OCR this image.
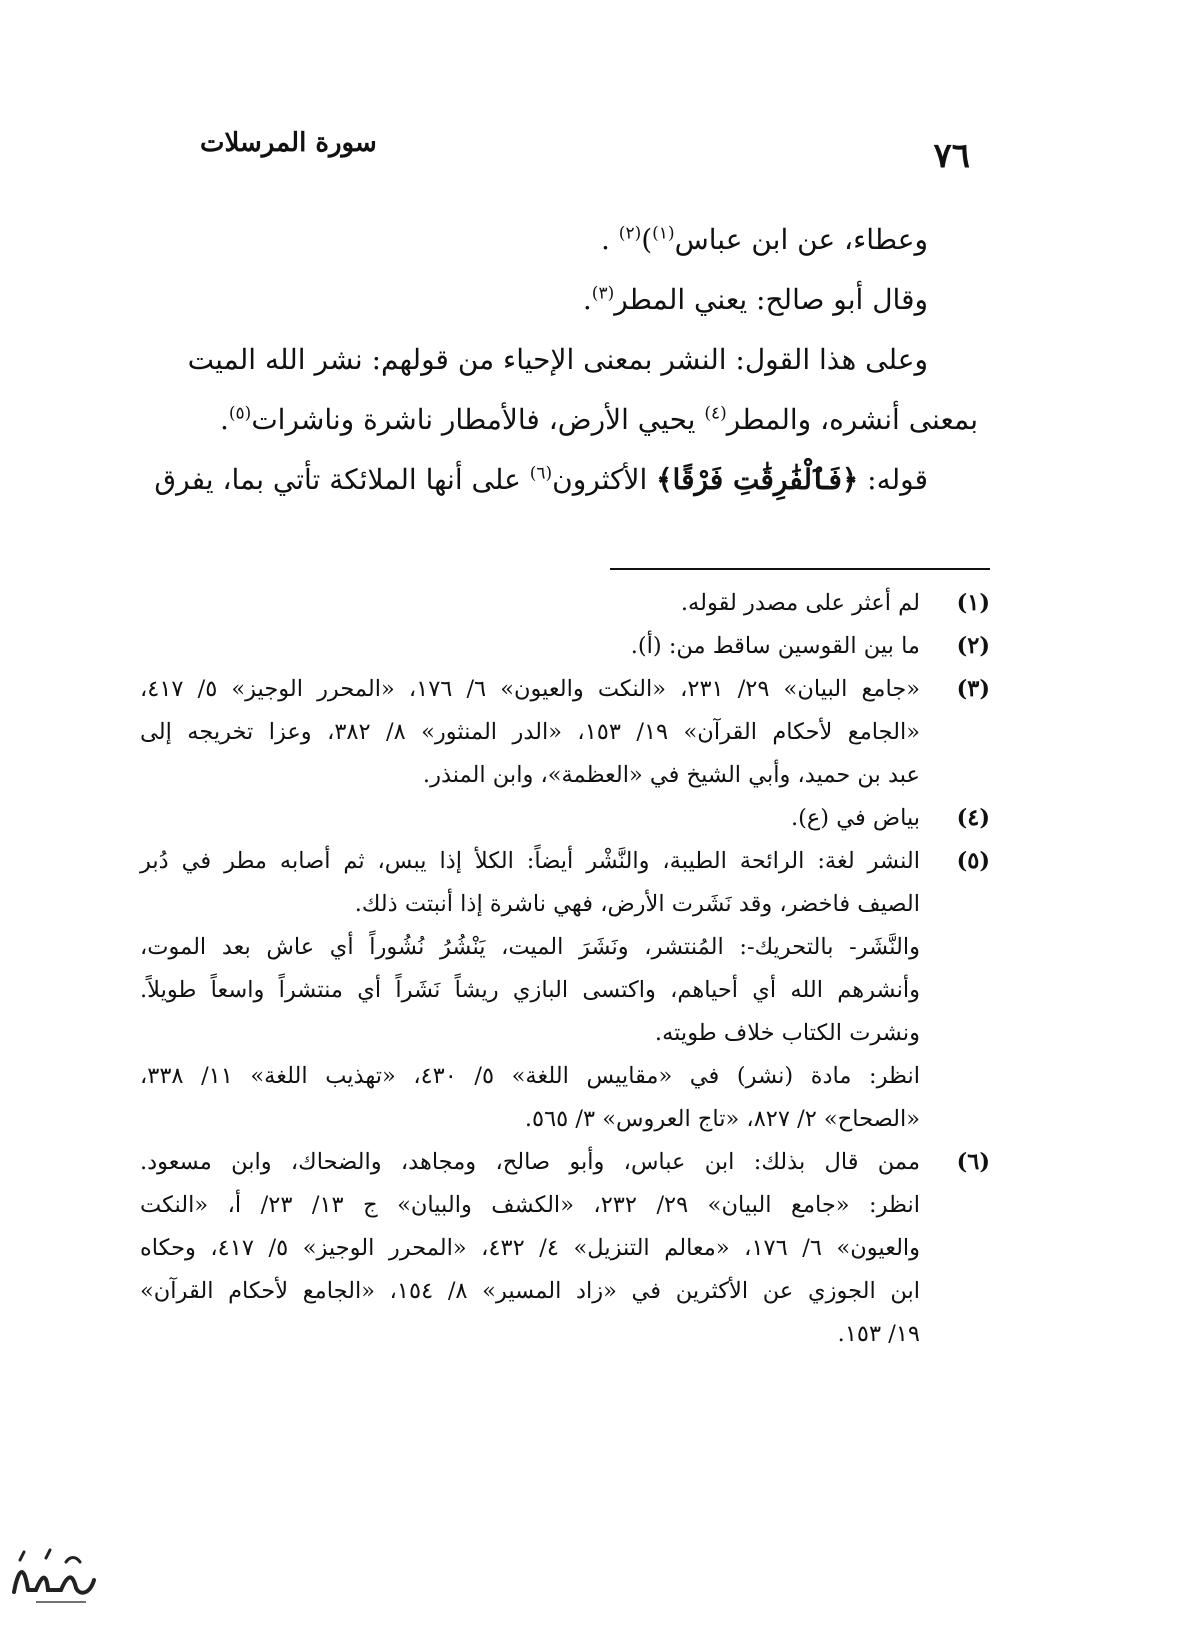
٧٦
سورة المرسلات

وعطاء، عن ابن عباس$^{(١)}$)$^{(٢)}$ .

وقال أبو صالح: يعني المطر$^{(٣)}$.

وعلى هذا القول: النشر بمعنى الإحياء من قولهم: نشر الله الميت

بمعنى أنشره، والمطر$^{(٤)}$ يحيي الأرض، فالأمطار ناشرة وناشرات$^{(٥)}$.

قوله: ﴿فَٱلْفَٰرِقَٰتِ فَرْقًا﴾ الأكثرون$^{(٦)}$ على أنها الملائكة تأتي بما، يفرق

(١)
لم أعثر على مصدر لقوله.
(٢)
ما بين القوسين ساقط من: (أ).
(٣)
«جامع البيان» ٢٩/ ٢٣١، «النكت والعيون» ٦/ ١٧٦، «المحرر الوجيز» ٥/ ٤١٧،
«الجامع لأحكام القرآن» ١٩/ ١٥٣، «الدر المنثور» ٨/ ٣٨٢، وعزا تخريجه إلى
عبد بن حميد، وأبي الشيخ في «العظمة»، وابن المنذر.
(٤)
بياض في (ع).
(٥)
النشر لغة: الرائحة الطيبة، والنَّشْر أيضاً: الكلأ إذا يبس، ثم أصابه مطر في دُبر
الصيف فاخضر، وقد نَشَرت الأرض، فهي ناشرة إذا أنبتت ذلك.
والنَّشَر- بالتحريك-: المُنتشر، ونَشَرَ الميت، يَنْشُرُ نُشُوراً أي عاش بعد الموت،
وأنشرهم الله أي أحياهم، واكتسى البازي ريشاً نَشَراً أي منتشراً واسعاً طويلاً.
ونشرت الكتاب خلاف طويته.
انظر: مادة (نشر) في «مقاييس اللغة» ٥/ ٤٣٠، «تهذيب اللغة» ١١/ ٣٣٨،
«الصحاح» ٢/ ٨٢٧، «تاج العروس» ٣/ ٥٦٥.
(٦)
ممن قال بذلك: ابن عباس، وأبو صالح، ومجاهد، والضحاك، وابن مسعود.
انظر: «جامع البيان» ٢٩/ ٢٣٢، «الكشف والبيان» ج ١٣/ ٢٣/ أ، «النكت
والعيون» ٦/ ١٧٦، «معالم التنزيل» ٤/ ٤٣٢، «المحرر الوجيز» ٥/ ٤١٧، وحكاه
ابن الجوزي عن الأكثرين في «زاد المسير» ٨/ ١٥٤، «الجامع لأحكام القرآن»
١٩/ ١٥٣.
